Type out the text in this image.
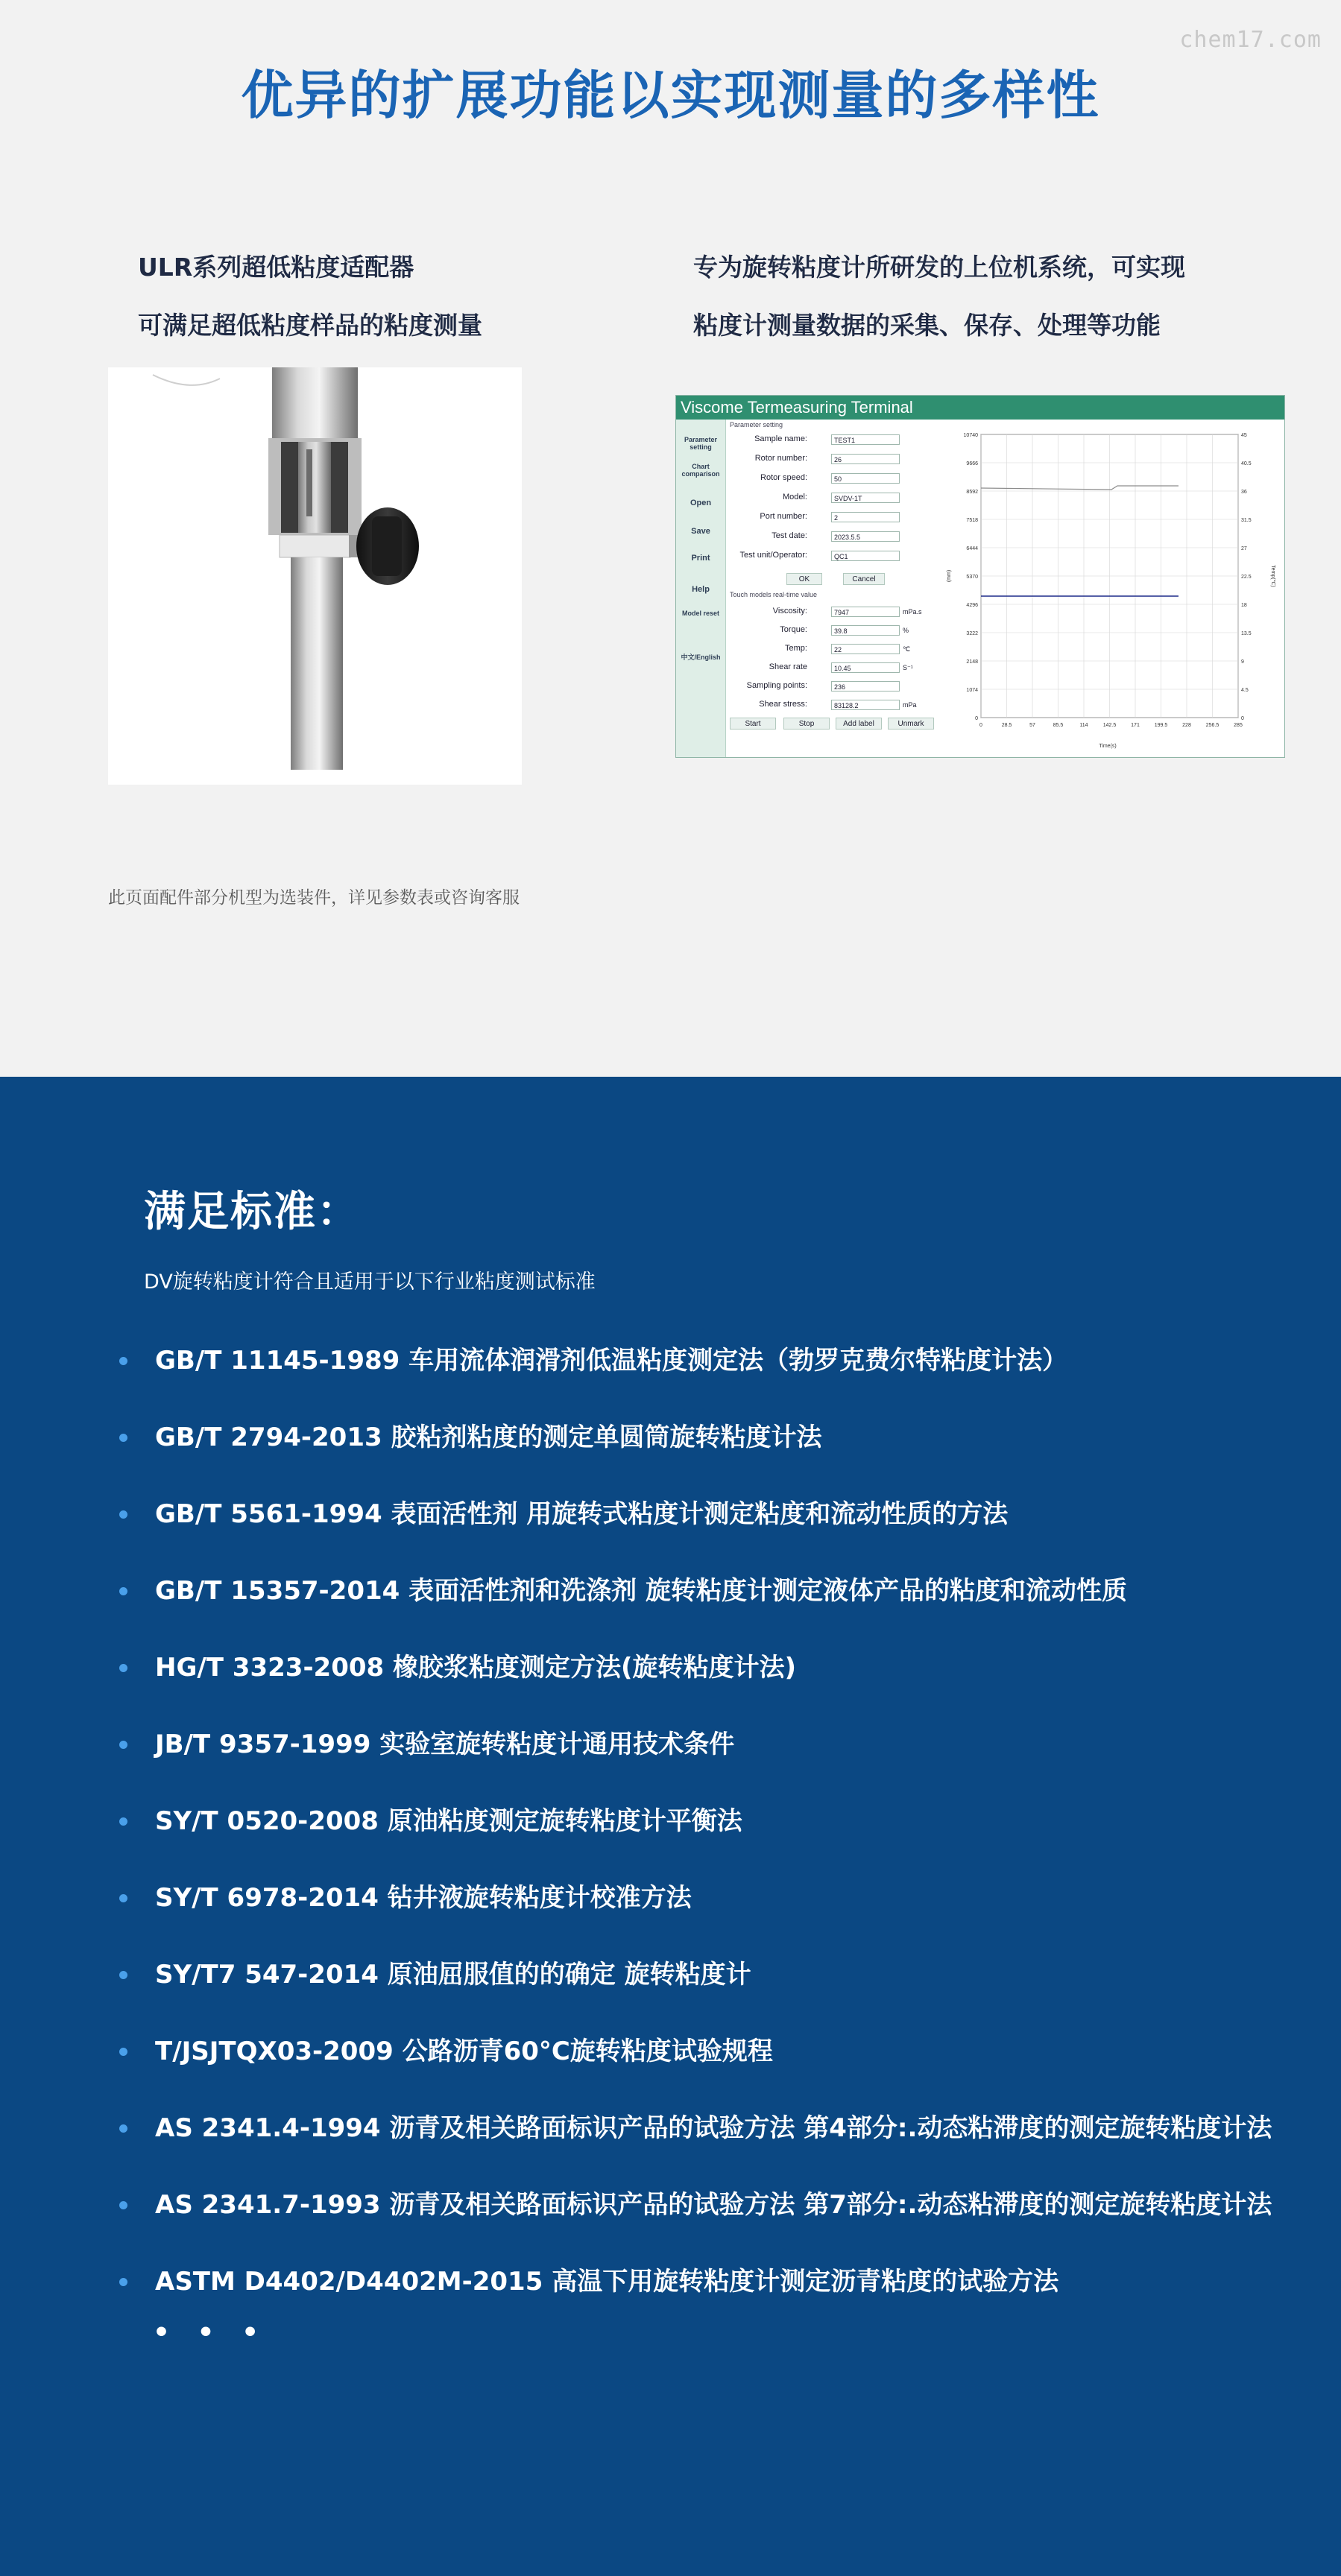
chem17.com
优异的扩展功能以实现测量的多样性
ULR系列超低粘度适配器
可满足超低粘度样品的粘度测量
专为旋转粘度计所研发的上位机系统，可实现
粘度计测量数据的采集、保存、处理等功能
Viscome Termeasuring Terminal
Parameter setting
Chart comparison
Open
Save
Print
Help
Model reset
中文/English
Parameter setting
OK	Cancel
Touch models real-time value
Start	Stop	Add label	Unmark	0	28.5	57	85.5	114	142.5	171	199.5	228	256.5	285
10740
9666
8592
7518
6444
5370
4296
3222
2148
1074
0
45
40.5
36
31.5
27
22.5
18
13.5
9
4.5
0
Time(s)
(mm)	Temp(℃)
Sample name:	TEST1
Rotor number:	26
Rotor speed:	50
Model:	SVDV-1T
Port number:	2
Test date:	2023.5.5
Test unit/Operator:	QC1
Viscosity:	7947	mPa.s
Torque:	39.8	%
Temp:	22	℃
Shear rate	10.45	S⁻¹
Sampling points:	236
Shear stress:	83128.2	mPa
此页面配件部分机型为选装件，详见参数表或咨询客服
满足标准：
DV旋转粘度计符合且适用于以下行业粘度测试标准
GB/T 11145-1989 车用流体润滑剂低温粘度测定法（勃罗克费尔特粘度计法）
GB/T 2794-2013 胶粘剂粘度的测定单圆筒旋转粘度计法
GB/T 5561-1994 表面活性剂 用旋转式粘度计测定粘度和流动性质的方法
GB/T 15357-2014 表面活性剂和洗涤剂 旋转粘度计测定液体产品的粘度和流动性质
HG/T 3323-2008 橡胶浆粘度测定方法(旋转粘度计法)
JB/T 9357-1999 实验室旋转粘度计通用技术条件
SY/T 0520-2008 原油粘度测定旋转粘度计平衡法
SY/T 6978-2014 钻井液旋转粘度计校准方法
SY/T7 547-2014 原油屈服值的的确定 旋转粘度计
T/JSJTQX03-2009 公路沥青60°C旋转粘度试验规程
AS 2341.4-1994 沥青及相关路面标识产品的试验方法 第4部分:.动态粘滞度的测定旋转粘度计法
AS 2341.7-1993 沥青及相关路面标识产品的试验方法 第7部分:.动态粘滞度的测定旋转粘度计法
ASTM D4402/D4402M-2015 高温下用旋转粘度计测定沥青粘度的试验方法
• • •
